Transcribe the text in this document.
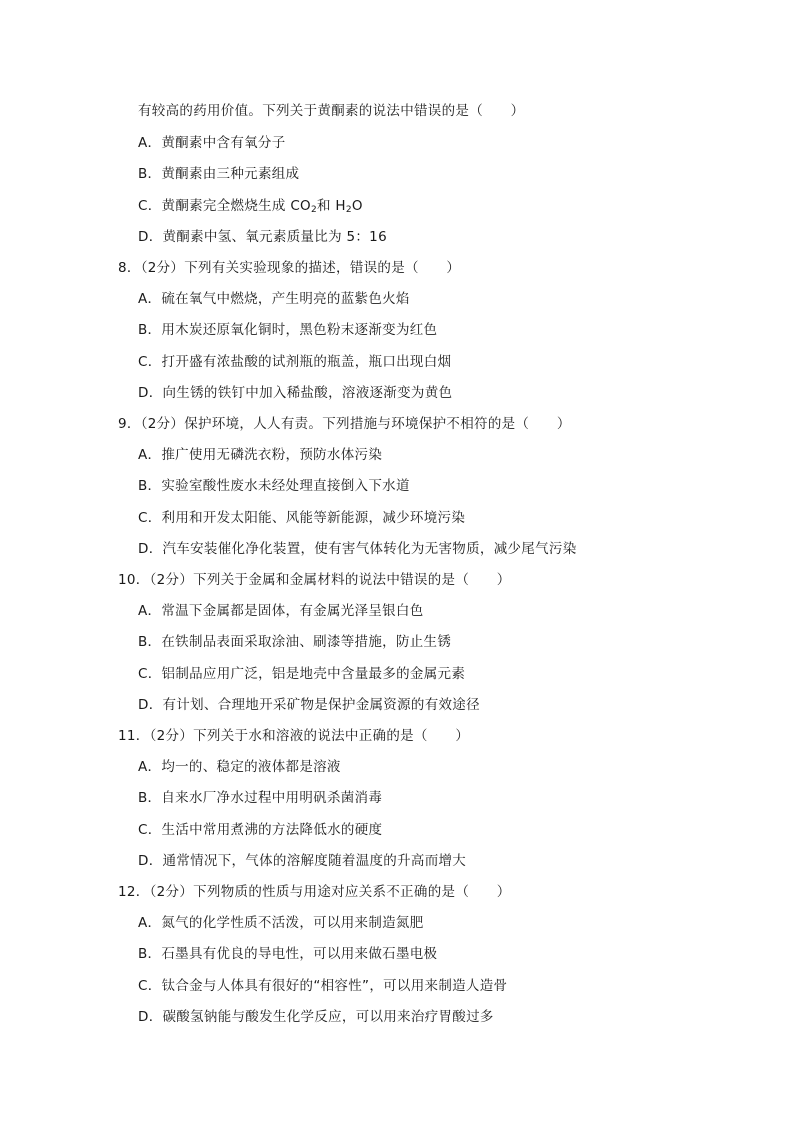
有较高的药用价值。下列关于黄酮素的说法中错误的是（　　）
A．黄酮素中含有氧分子
B．黄酮素由三种元素组成
C．黄酮素完全燃烧生成 $CO_2$和 $H_2O$
D．黄酮素中氢、氧元素质量比为 5：16
8．（2分）下列有关实验现象的描述，错误的是（　　）
A．硫在氧气中燃烧，产生明亮的蓝紫色火焰
B．用木炭还原氧化铜时，黑色粉末逐渐变为红色
C．打开盛有浓盐酸的试剂瓶的瓶盖，瓶口出现白烟
D．向生锈的铁钉中加入稀盐酸，溶液逐渐变为黄色
9．（2分）保护环境，人人有责。下列措施与环境保护不相符的是（　　）
A．推广使用无磷洗衣粉，预防水体污染
B．实验室酸性废水未经处理直接倒入下水道
C．利用和开发太阳能、风能等新能源，减少环境污染
D．汽车安装催化净化装置，使有害气体转化为无害物质，减少尾气污染
10．（2分）下列关于金属和金属材料的说法中错误的是（　　）
A．常温下金属都是固体，有金属光泽呈银白色
B．在铁制品表面采取涂油、刷漆等措施，防止生锈
C．铝制品应用广泛，铝是地壳中含量最多的金属元素
D．有计划、合理地开采矿物是保护金属资源的有效途径
11．（2分）下列关于水和溶液的说法中正确的是（　　）
A．均一的、稳定的液体都是溶液
B．自来水厂净水过程中用明矾杀菌消毒
C．生活中常用煮沸的方法降低水的硬度
D．通常情况下，气体的溶解度随着温度的升高而增大
12．（2分）下列物质的性质与用途对应关系不正确的是（　　）
A．氮气的化学性质不活泼，可以用来制造氮肥
B．石墨具有优良的导电性，可以用来做石墨电极
C．钛合金与人体具有很好的“相容性”，可以用来制造人造骨
D．碳酸氢钠能与酸发生化学反应，可以用来治疗胃酸过多
